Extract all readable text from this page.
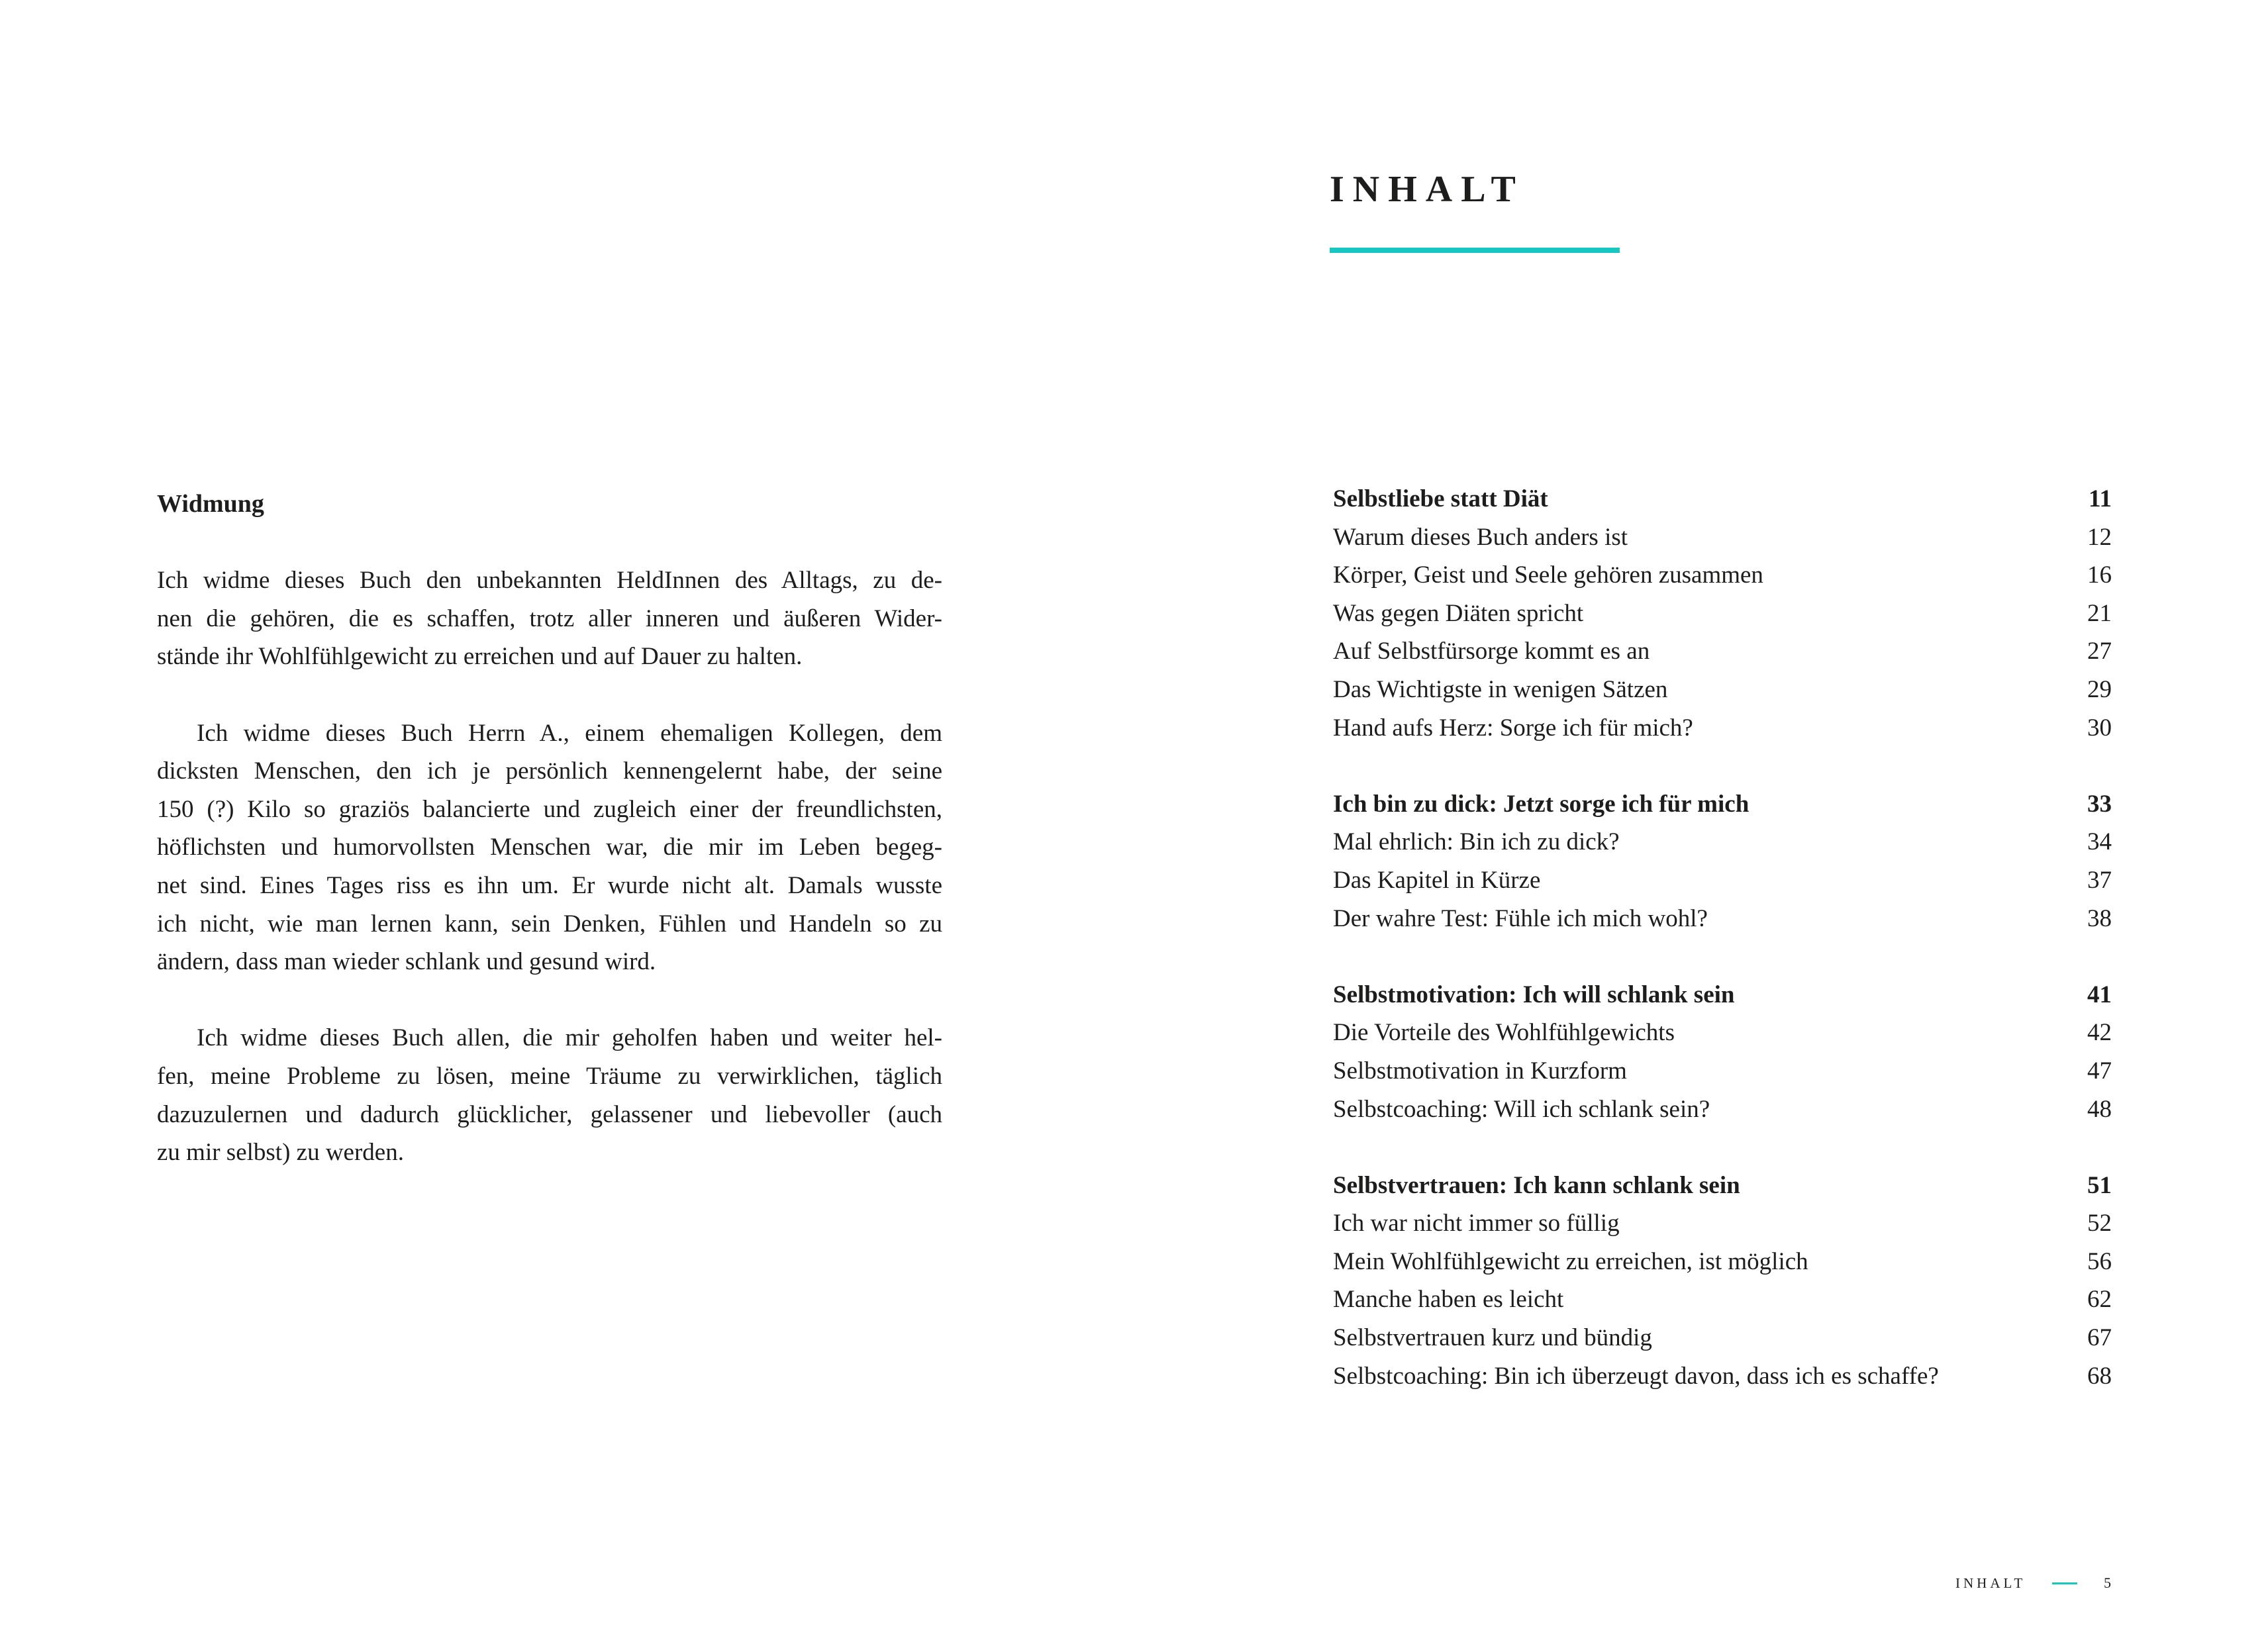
Widmung
Ich widme dieses Buch den unbekannten HeldInnen des Alltags, zu de-
nen die gehören, die es schaffen, trotz aller inneren und äußeren Wider-
stände ihr Wohlfühlgewicht zu erreichen und auf Dauer zu halten.
Ich widme dieses Buch Herrn A., einem ehemaligen Kollegen, dem
dicksten Menschen, den ich je persönlich kennengelernt habe, der seine
150 (?) Kilo so graziös balancierte und zugleich einer der freundlichsten,
höflichsten und humorvollsten Menschen war, die mir im Leben begeg-
net sind. Eines Tages riss es ihn um. Er wurde nicht alt. Damals wusste
ich nicht, wie man lernen kann, sein Denken, Fühlen und Handeln so zu
ändern, dass man wieder schlank und gesund wird.
Ich widme dieses Buch allen, die mir geholfen haben und weiter hel-
fen, meine Probleme zu lösen, meine Träume zu verwirklichen, täglich
dazuzulernen und dadurch glücklicher, gelassener und liebevoller (auch
zu mir selbst) zu werden.
INHALT
Selbstliebe statt Diät	11
Warum dieses Buch anders ist	12
Körper, Geist und Seele gehören zusammen	16
Was gegen Diäten spricht	21
Auf Selbstfürsorge kommt es an	27
Das Wichtigste in wenigen Sätzen	29
Hand aufs Herz: Sorge ich für mich?	30
Ich bin zu dick: Jetzt sorge ich für mich	33
Mal ehrlich: Bin ich zu dick?	34
Das Kapitel in Kürze	37
Der wahre Test: Fühle ich mich wohl?	38
Selbstmotivation: Ich will schlank sein	41
Die Vorteile des Wohlfühlgewichts	42
Selbstmotivation in Kurzform	47
Selbstcoaching: Will ich schlank sein?	48
Selbstvertrauen: Ich kann schlank sein	51
Ich war nicht immer so füllig	52
Mein Wohlfühlgewicht zu erreichen, ist möglich	56
Manche haben es leicht	62
Selbstvertrauen kurz und bündig	67
Selbstcoaching: Bin ich überzeugt davon, dass ich es schaffe?	68
INHALT	5
